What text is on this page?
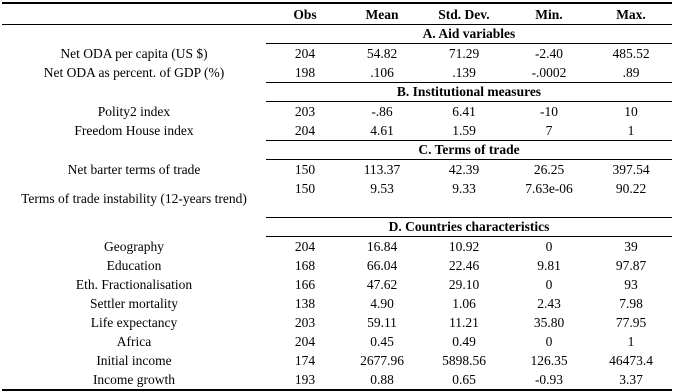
	Obs	Mean	Std. Dev.	Min.	Max.
	A. Aid variables				
Net ODA per capita (US $)	204	54.82	71.29	-2.40	485.52
Net ODA as percent. of GDP (%)	198	.106	.139	-.0002	.89
	B. Institutional measures				
Polity2 index	203	-.86	6.41	-10	10
Freedom House index	204	4.61	1.59	7	1
	C. Terms of trade				
Net barter terms of trade	150	113.37	42.39	26.25	397.54
Terms of trade instability (12-years trend)	150	9.53	9.33	7.63e-06	90.22
	D. Countries characteristics				
Geography	204	16.84	10.92	0	39
Education	168	66.04	22.46	9.81	97.87
Eth. Fractionalisation	166	47.62	29.10	0	93
Settler mortality	138	4.90	1.06	2.43	7.98
Life expectancy	203	59.11	11.21	35.80	77.95
Africa	204	0.45	0.49	0	1
Initial income	174	2677.96	5898.56	126.35	46473.4
Income growth	193	0.88	0.65	-0.93	3.37
